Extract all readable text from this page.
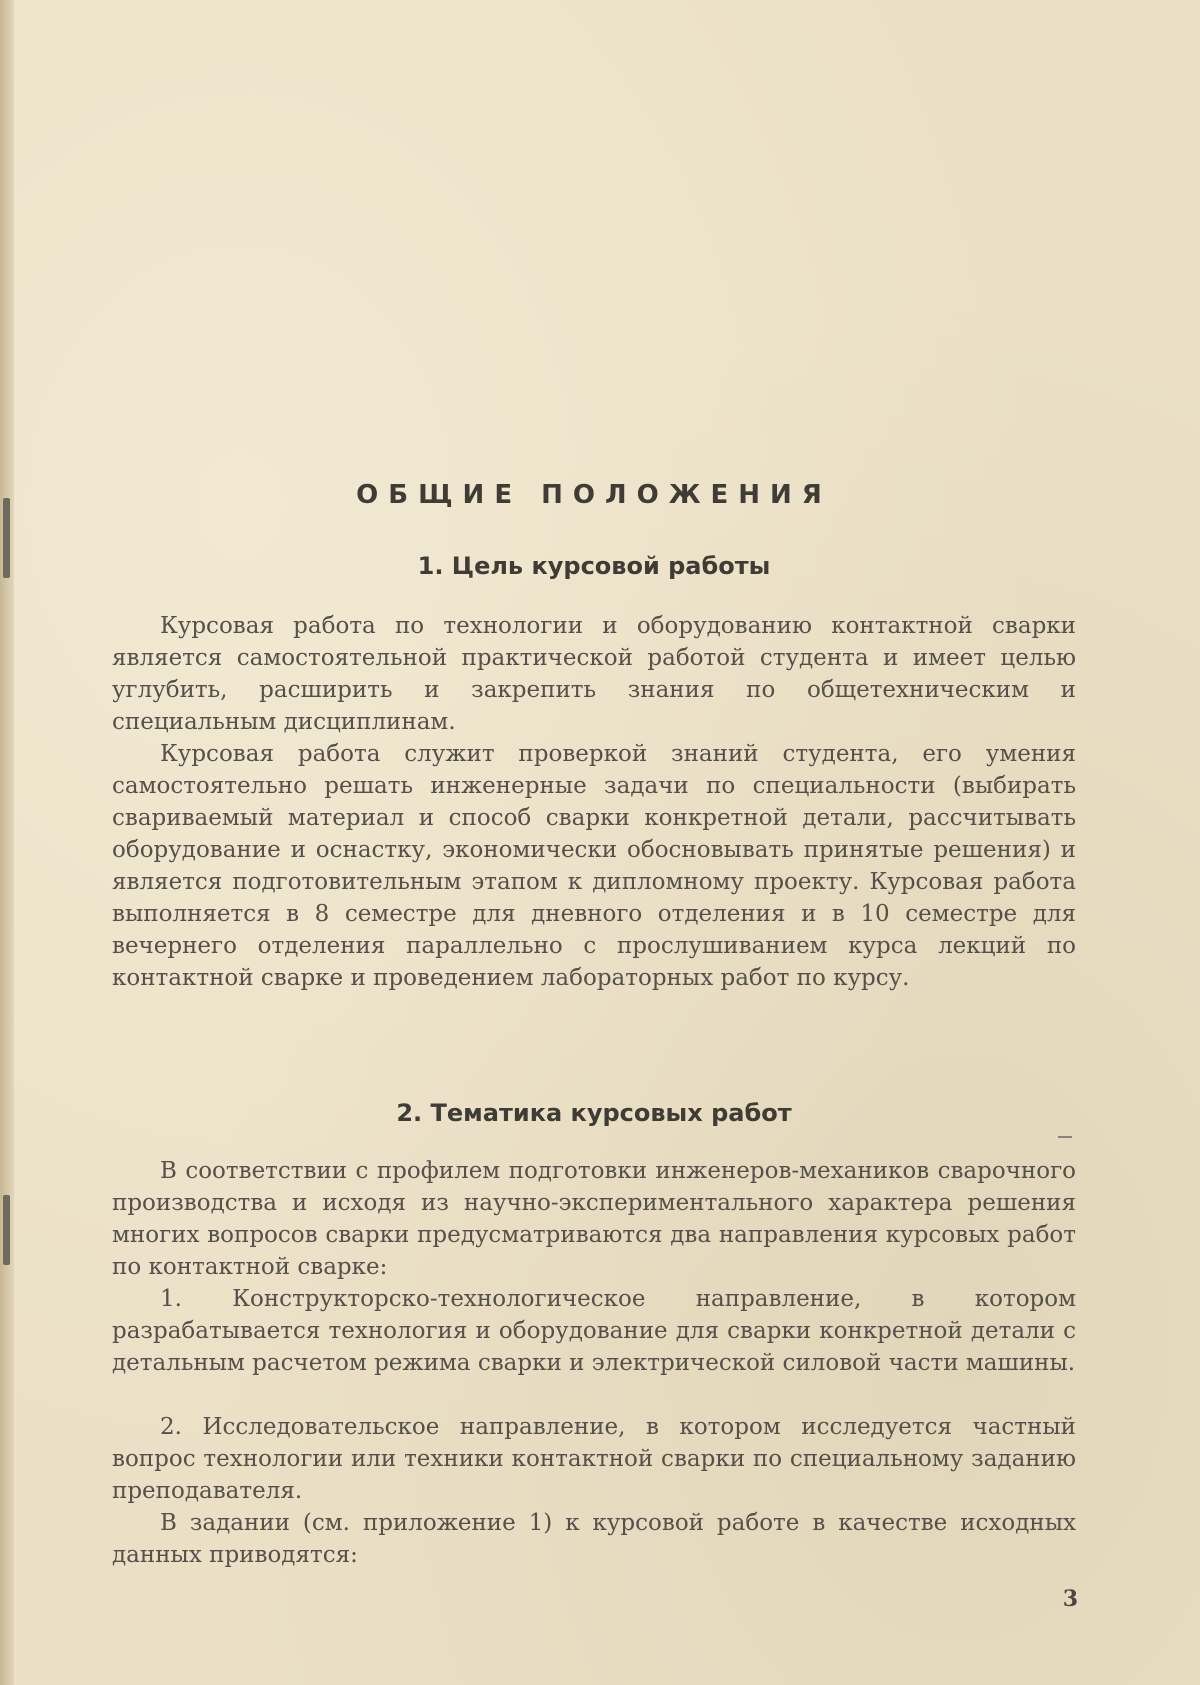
ОБЩИЕ ПОЛОЖЕНИЯ
1. Цель курсовой работы

Курсовая работа по технологии и оборудованию контактной сварки является самостоятельной практической работой студента и имеет целью углубить, расширить и закрепить знания по общетехническим и специальным дисциплинам.

Курсовая работа служит проверкой знаний студента, его умения самостоятельно решать инженерные задачи по специальности (выбирать свариваемый материал и способ сварки конкретной детали, рассчитывать оборудование и оснастку, экономически обосновывать принятые решения) и является подготовительным этапом к дипломному проекту. Курсовая работа выполняется в 8 семестре для дневного отделения и в 10 семестре для вечернего отделения параллельно с прослушиванием курса лекций по контактной сварке и проведением лабораторных работ по курсу.

2. Тематика курсовых работ

В соответствии с профилем подготовки инженеров-механиков сварочного производства и исходя из научно-экспериментального характера решения многих вопросов сварки предусматриваются два направления курсовых работ по контактной сварке:

1. Конструкторско-технологическое направление, в котором разрабатывается технология и оборудование для сварки конкретной детали с детальным расчетом режима сварки и электрической силовой части машины.

2. Исследовательское направление, в котором исследуется частный вопрос технологии или техники контактной сварки по специальному заданию преподавателя.

В задании (см. приложение 1) к курсовой работе в качестве исходных данных приводятся:

3
